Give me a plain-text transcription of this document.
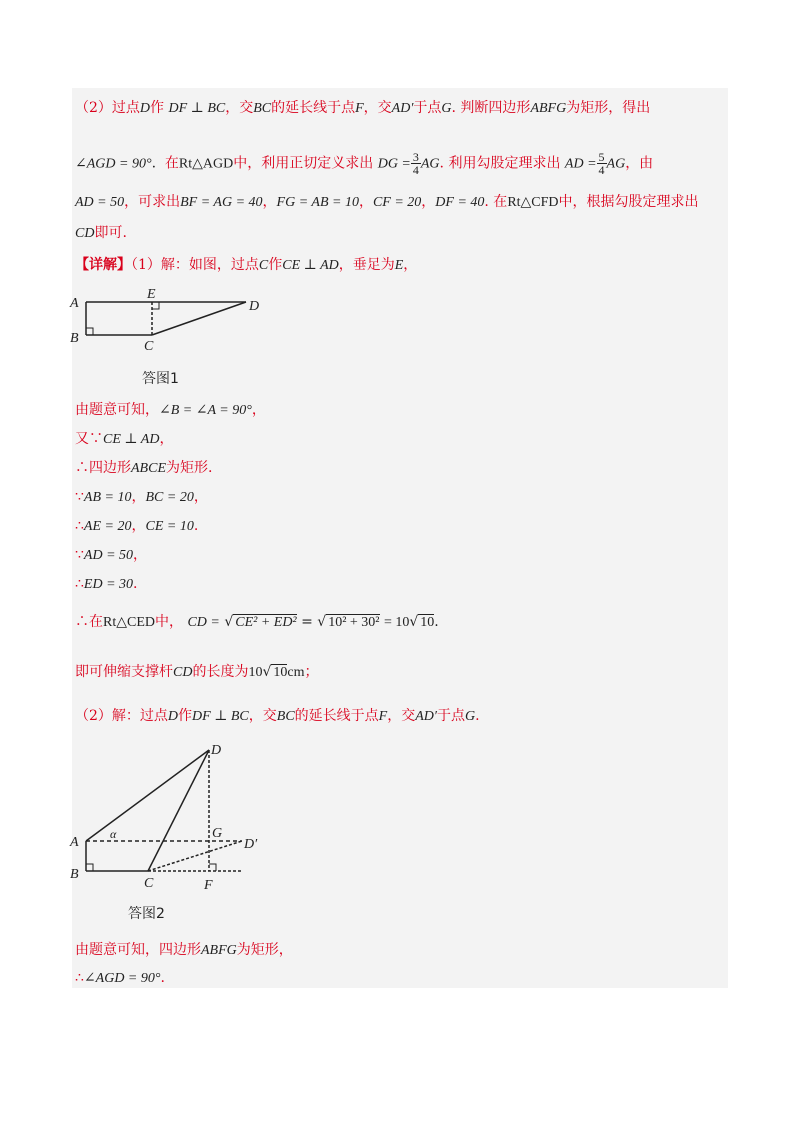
（2）过点D作 DF ⊥ BC，交BC的延长线于点F，交AD′于点G. 判断四边形ABFG为矩形，得出
∠AGD = 90°. 在Rt△AGD中，利用正切定义求出 DG = $\frac{3}{4}$ AG. 利用勾股定理求出 AD = $\frac{5}{4}$ AG，由
AD = 50，可求出BF = AG = 40，FG = AB = 10，CF = 20，DF = 40. 在Rt△CFD中，根据勾股定理求出
CD即可.
【详解】（1）解：如图，过点C作CE ⊥ AD，垂足为E，
A
E
D
B
C
答图1
由题意可知，∠B = ∠A = 90°，
又∵CE ⊥ AD，
∴四边形ABCE为矩形.
∵AB = 10，BC = 20，
∴AE = 20，CE = 10.
∵AD = 50，
∴ED = 30.
∴在Rt△CED中， CD = √ CE² + ED² = √ 10² + 30² = 10√ 10.
即可伸缩支撑杆CD的长度为10√ 10cm；
（2）解：过点D作DF ⊥ BC，交BC的延长线于点F，交AD′于点G.
D
A
α	G
D′
B
C	F
答图2
由题意可知，四边形ABFG为矩形，
∴∠AGD = 90°.
